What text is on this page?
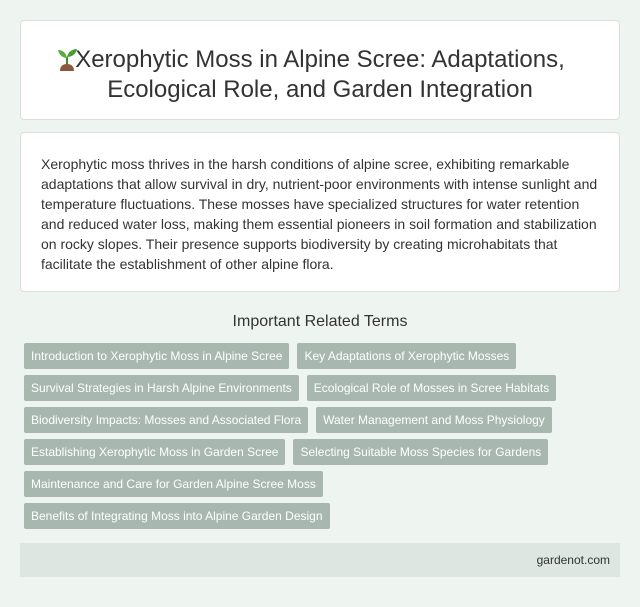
Xerophytic Moss in Alpine Scree: Adaptations,
Ecological Role, and Garden Integration

Xerophytic moss thrives in the harsh conditions of alpine scree, exhibiting remarkable adaptations that allow survival in dry, nutrient-poor environments with intense sunlight and temperature fluctuations. These mosses have specialized structures for water retention and reduced water loss, making them essential pioneers in soil formation and stabilization on rocky slopes. Their presence supports biodiversity by creating microhabitats that facilitate the establishment of other alpine flora.

Important Related Terms
Introduction to Xerophytic Moss in Alpine Scree	Key Adaptations of Xerophytic Mosses
Survival Strategies in Harsh Alpine Environments	Ecological Role of Mosses in Scree Habitats
Biodiversity Impacts: Mosses and Associated Flora	Water Management and Moss Physiology
Establishing Xerophytic Moss in Garden Scree	Selecting Suitable Moss Species for Gardens
Maintenance and Care for Garden Alpine Scree Moss
Benefits of Integrating Moss into Alpine Garden Design
gardenot.com
